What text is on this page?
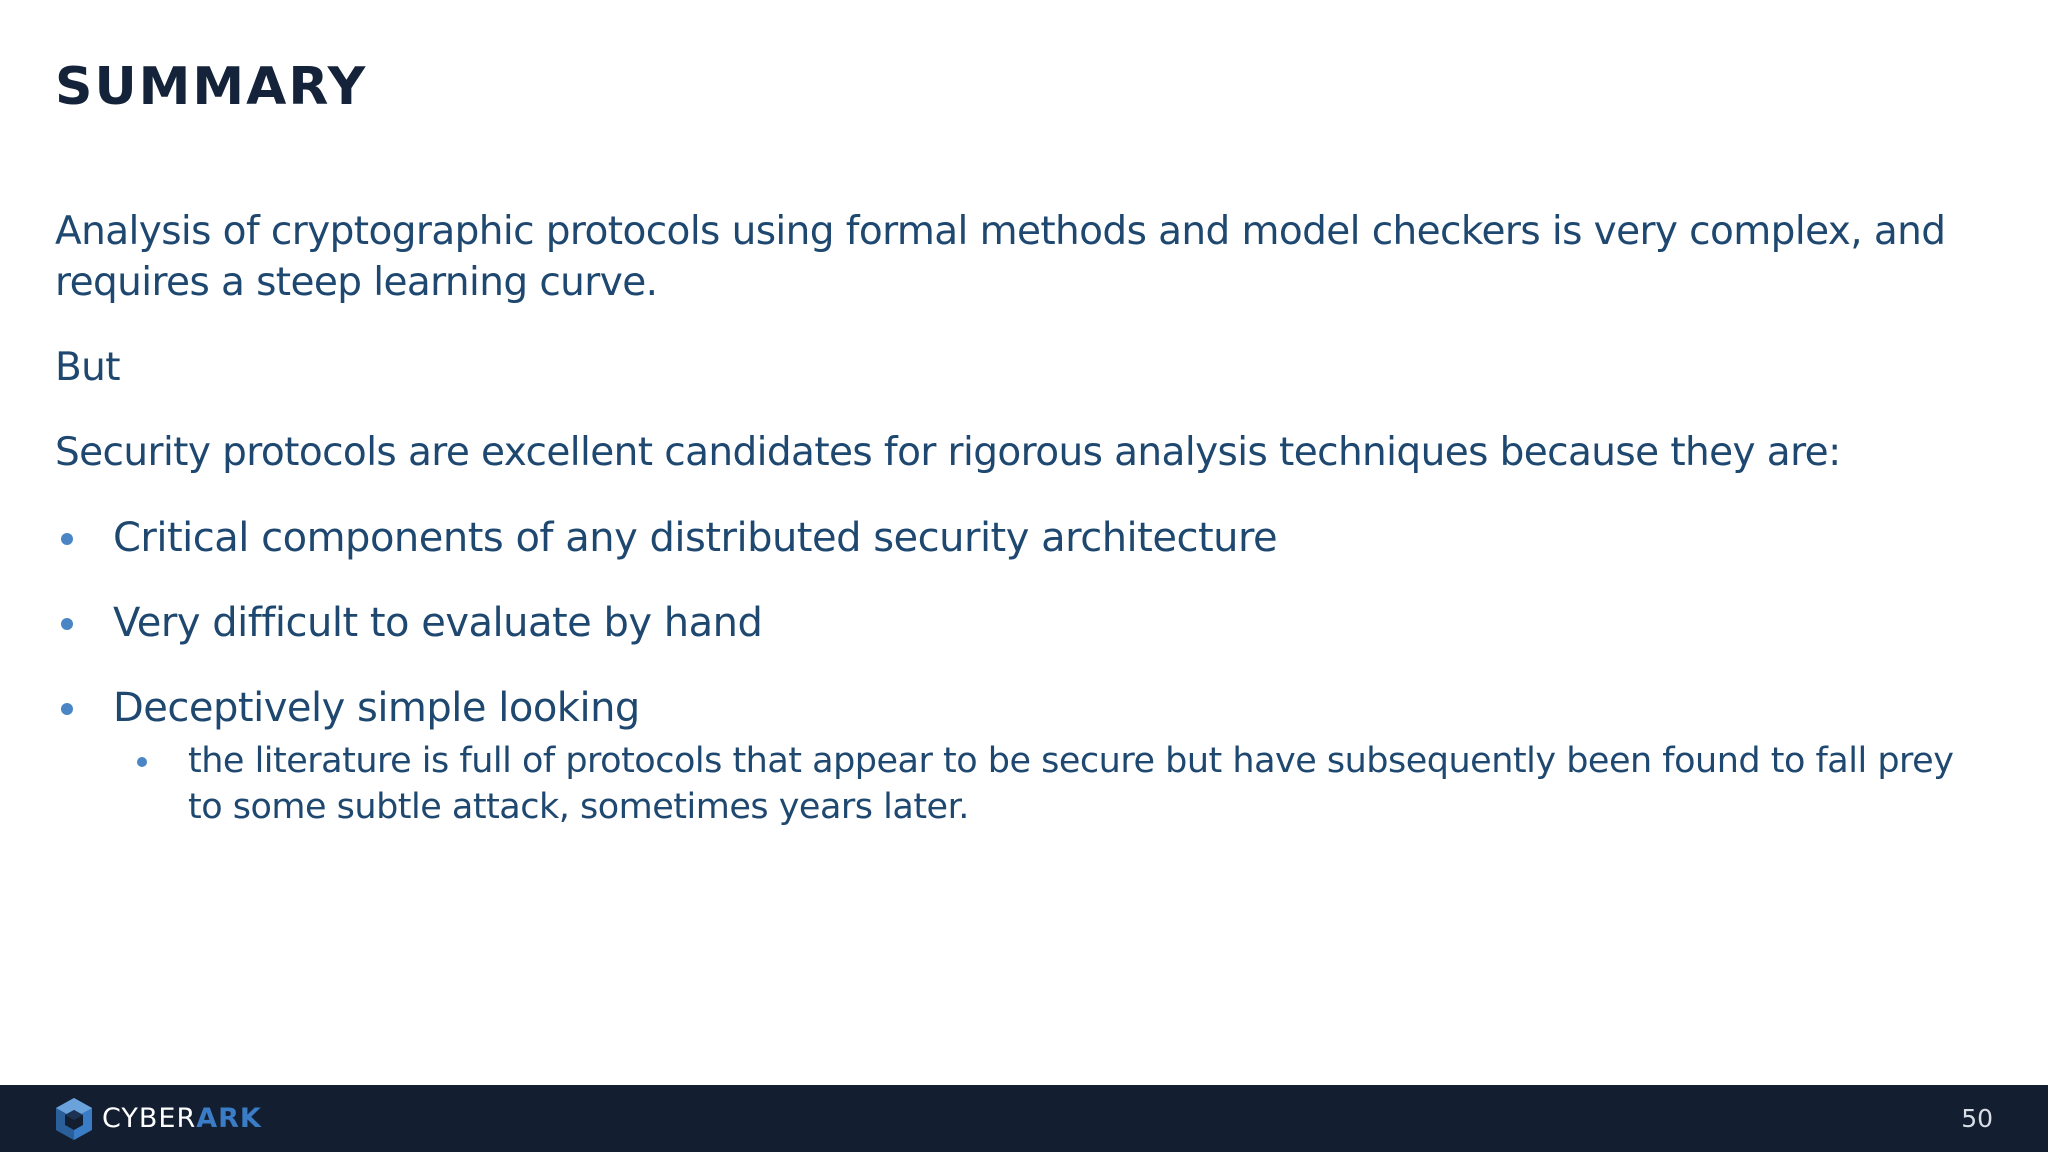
SUMMARY

Analysis of cryptographic protocols using formal methods and model checkers is very complex, and requires a steep learning curve.

But

Security protocols are excellent candidates for rigorous analysis techniques because they are:

Critical components of any distributed security architecture
Very difficult to evaluate by hand
Deceptively simple looking
the literature is full of protocols that appear to be secure but have subsequently been found to fall prey to some subtle attack, sometimes years later.
CYBERARK	50
